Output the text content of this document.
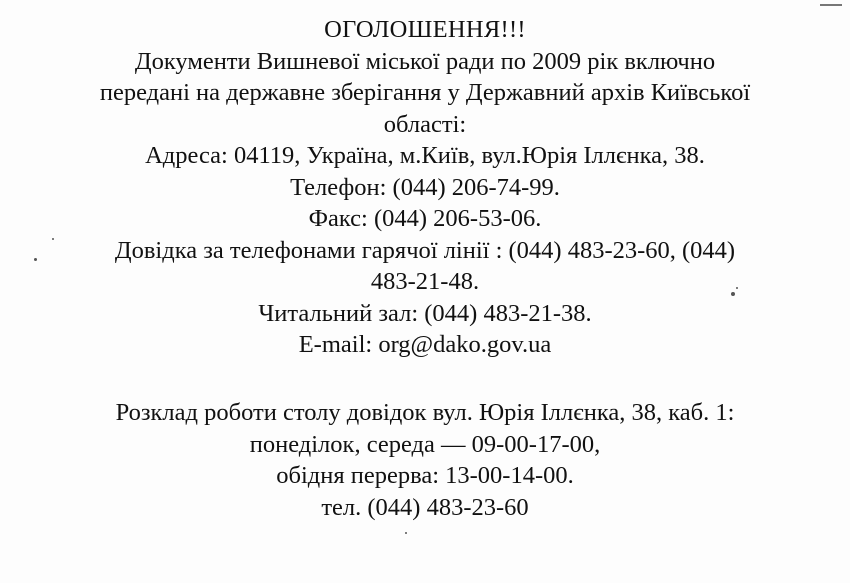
ОГОЛОШЕННЯ!!!
Документи Вишневої міської ради по 2009 рік включно
передані на державне зберігання у Державний архів Київської
області:
Адреса: 04119, Україна, м.Київ, вул.Юрія Іллєнка, 38.
Телефон: (044) 206-74-99.
Факс: (044) 206-53-06.
Довідка за телефонами гарячої лінії : (044) 483-23-60, (044)
483-21-48.
Читальний зал: (044) 483-21-38.
E-mail: org@dako.gov.ua
Розклад роботи столу довідок вул. Юрія Іллєнка, 38, каб. 1:
понеділок, середа — 09-00-17-00,
обідня перерва: 13-00-14-00.
тел. (044) 483-23-60
